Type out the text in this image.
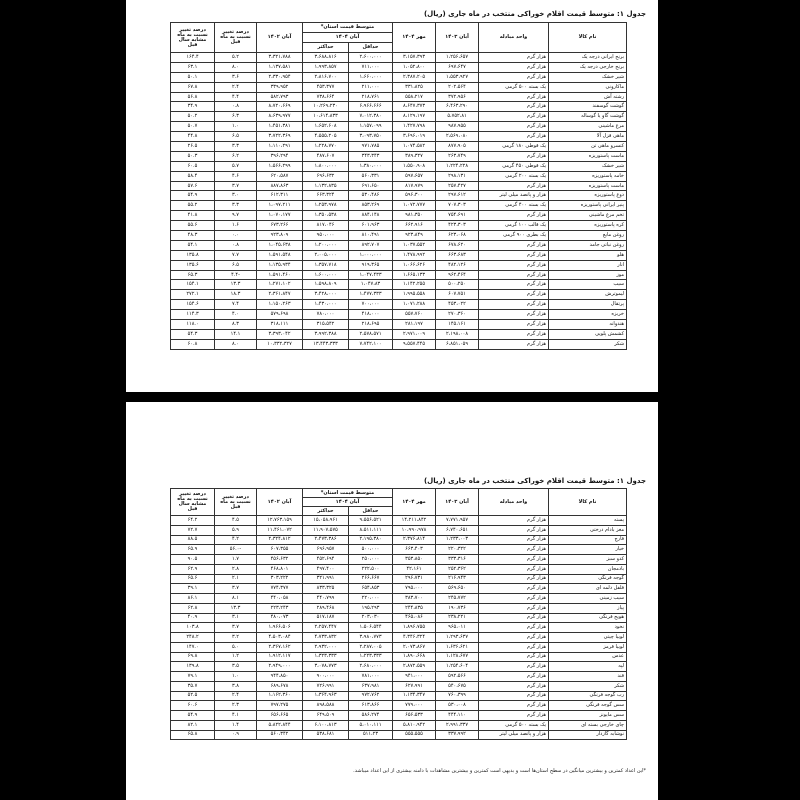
جدول ۱: متوسط قیمت اقلام خوراکی منتخب در ماه جاری (ریال)
نام کالا	واحد مبادله	آبان ۱۴۰۳	مهر ۱۴۰۴	متوسط قیمت استان*		آبان ۱۴۰۲	درصد تغییر نسبت به ماه قبل	درصد تغییر نسبت به ماه مشابه سال قبل
				آبان ۱۴۰۴				
				حداقل	حداکثر			
برنج ایرانی درجه یک	هزار گرم	۱،۲۵۶،۶۵۷	۳،۱۵۷،۳۹۳	۲،۶۰۰،۰۰۰	۳،۶۸۸،۸۱۶	۳،۳۲۱،۷۸۸	۵.۲	۱۶۴.۴
برنج خارجی درجه یک	هزار گرم	۶۹۷،۶۴۷	۱،۰۵۲،۸۰۰	۷۱۱،۰۰۰	۱،۹۹۳،۸۵۷	۱،۱۳۷،۵۸۱	۸.۰	۶۳.۱
شیر خشک	هزار گرم	۱،۵۵۳،۹۲۷	۲،۳۸۷،۲۰۵	۱،۶۶۰،۰۰۰	۲،۸۱۶،۷۰۰	۲،۳۳۰،۹۵۴	۳.۶	۵۰.۱
ماکارونی	یک بسته ۵۰۰ گرمی	۲۰۲،۵۶۴	۳۳۱،۸۲۵	۲۱۱،۰۰۰	۴۵۳،۳۷۷	۳۳۹،۹۵۲	۲.۴	۶۷.۸
رشته آش	هزار گرم	۳۷۲،۹۵۶	۵۵۸،۲۱۷	۲۱۸،۷۶۱	۷۳۸،۶۶۴	۵۸۲،۷۹۳	۴.۴	۵۶.۸
گوشت گوسفند	هزار گرم	۶،۴۶۳،۲۹۰	۸،۶۴۷،۳۷۳	۶،۹۶۶،۶۶۶	۱۰،۲۶۹،۲۳۰	۸،۷۲۰،۶۶۹	۰.۸	۳۴.۹
گوشت گاو یا گوساله	هزار گرم	۵،۷۵۲،۸۱	۸،۱۲۹،۱۹۷	۷،۰۱۲،۳۸۰	۱۰،۶۱۴،۸۳۳	۸،۶۳۹،۹۷۷	۶.۳	۵۰.۲
مرغ ماشینی	هزار گرم	۹۸۷،۹۵۵	۱،۴۲۷،۷۹۸	۱،۱۵۷،۰۹۹	۱،۶۵۲،۶۰۸	۱،۴۵۱،۳۸۱	۱.۰	۵۰.۷
ماهی قزل آلا	هزار گرم	۲،۵۶۹،۰۸۰	۳،۶۹۶،۰۱۹	۳،۰۹۳،۷۵۰	۴،۵۵۵،۲۰۵	۳،۷۲۲،۳۶۹	۶.۵	۴۴.۸
کنسرو ماهی تن	یک قوطی ۱۸۰ گرمی	۸۷۷،۹۰۵	۱،۰۷۴،۵۸۲	۹۷۱،۷۸۵	۱،۲۲۸،۷۷۰	۱،۱۱۰،۲۹۱	۳.۳	۲۶.۵
ماست پاستوریزه	هزار گرم	۲۶۳،۷۴۹	۳۸۹،۳۲۷	۳۴۳،۳۴۳	۴۸۷،۶۰۷	۳۹۶،۲۹۴	۶.۲	۵۰.۳
شیر خشک	یک قوطی ۴۵۰ گرمی	۱،۲۲۴،۲۲۸	۱،۵۵۰،۹۰۸	۱،۳۸۰،۰۰۰	۱،۸۰۰،۰۰۰	۱،۵۶۶،۲۹۹	۵.۷	۶۰.۵
خامه پاستوریزه	یک بسته ۲۰۰ گرمی	۲۹۸،۱۳۱	۵۹۷،۶۵۷	۵۶۰،۳۳۱	۶۹۶،۶۳۲	۶۲۰،۵۸۷	۴.۶	۵۸.۴
ماست پاستوریزه	هزار گرم	۲۵۷،۴۲۷	۸۱۷،۹۷۹	۶۹۱،۶۵۰	۱،۱۳۲،۸۳۵	۸۸۷،۸۶۳	۳.۷	۵۷.۶
دوغ پاستوریزه	هزار و پانصد میلی لیتر	۲۹۷،۶۱۲	۵۹۶،۳۰۰	۵۳۰،۴۸۶	۶۶۳،۳۲۴	۶۱۲،۳۱۱	۳.۰	۵۴.۹
پنیر ایرانی پاستوریزه	یک بسته ۴۰۰ گرمی	۷۰۷،۳۰۳	۱،۰۷۲،۷۷۷	۸۵۳،۲۶۹	۱،۲۵۳،۹۷۸	۱،۰۹۷،۲۱۱	۳.۳	۵۵.۲
تخم مرغ ماشینی	هزار گرم	۷۵۴،۶۹۱	۹۸۱،۳۵۰	۸۸۴،۱۴۸	۱،۳۵۰،۵۳۸	۱،۰۷۰،۱۷۷	۹.۷	۴۱.۸
کره پاستوریزه	یک قالب ۱۰۰ گرمی	۴۲۳،۳۰۳	۶۶۲،۹۱۶	۶۰۱،۹۶۳	۸۱۷،۰۴۶	۶۷۳،۲۶۶	۱.۶	۵۵.۶
روغن مایع	یک بطری ۹۰۰ گرمی	۶۲۳،۰۶۸	۹۲۳،۸۴۹	۸۱۰،۴۹۱	۹۵۰،۰۰۰	۹۲۳،۸۰۹	۰.۰	۴۸.۳
روغن نباتی جامد	هزار گرم	۶۷۸،۶۲۰	۱،۰۳۷،۵۵۲	۸۹۲،۷۰۷	۱،۲۰۰،۰۰۰	۱،۰۴۵،۶۳۸	۰.۸	۵۴.۱
هلو	هزار گرم	۶۶۳،۶۸۳	۱،۴۷۸،۹۹۲	۱،۰۰۰،۰۰۰	۲،۰۰۵،۰۰۰	۱،۵۹۱،۵۴۸	۷.۷	۱۳۵.۸
انار	هزار گرم	۴۸۲،۱۲۶	۱،۰۶۶،۶۲۶	۹۱۹،۳۶۵	۱،۳۵۷،۷۱۸	۱،۱۳۵،۹۳۴	۶.۵	۱۳۵.۶
موز	هزار گرم	۹۶۲،۴۶۴	۱،۶۶۵،۱۳۳	۱،۰۴۷،۴۳۳	۱،۶۰۰،۰۰۰	۱،۵۹۱،۴۶۰	۴.۴-	۶۵.۳
سیب	هزار گرم	۵۰۰،۲۵۰	۱،۱۴۲،۲۵۵	۱،۰۴۷،۸۳	۱،۵۹۸،۸۰۹	۱،۲۷۱،۱۰۲	۱۳.۳	۱۵۴.۱
لیموترش	هزار گرم	۶۰۷،۷۵۱	۱،۹۹۵،۵۵۸	۱،۴۷۷،۳۳۳	۳،۴۲۸،۰۰۰	۲،۳۶۱،۸۴۷	۱۸.۳	۲۷۲.۱
پرتقال	هزار گرم	۴۵۳،۰۲۲	۱،۰۷۱،۲۸۸	۷۰۰،۰۰۰	۱،۴۳۰،۰۰۰	۱،۱۵۰،۲۶۳	۷.۴	۱۵۴.۶
خربزه	هزار گرم	۲۷۰،۳۶۰	۵۵۷،۷۶۰	۴۱۸،۰۰۰	۷۸۰،۰۰۰	۵۷۹،۶۹۸	۴.۰	۱۱۴.۳
هندوانه	هزار گرم	۱۴۵،۱۶۱	۲۸۱،۱۹۷	۲۱۸،۶۹۵	۳۱۵،۵۴۲	۳۱۸،۱۱۱	۸.۳	۱۱۸.۰
کشمش پلویی	هزار گرم	۲،۱۹۸،۰۰۸	۲،۹۷۱،۰۰۹	۲،۵۷۸،۵۷۱	۳،۹۹۲،۳۸۸	۳،۳۹۳،۰۴۲	۱۴.۱	۵۴.۳
شکر	هزار گرم	۶،۸۵۱،۰۵۹	۹،۵۵۷،۴۴۵	۷،۷۴۲،۱۰۰	۱۳،۴۴۳،۳۳۳	۱۰،۳۳۲،۳۲۷	۸.۰	۶۰.۸
جدول ۱: متوسط قیمت اقلام خوراکی منتخب در ماه جاری (ریال)
نام کالا	واحد مبادله	آبان ۱۴۰۳	مهر ۱۴۰۴	متوسط قیمت استان*		آبان ۱۴۰۲	درصد تغییر نسبت به ماه قبل	درصد تغییر نسبت به ماه مشابه سال قبل
				آبان ۱۴۰۴				
				حداقل	حداکثر			
پسته	هزار گرم	۷،۷۷۱،۹۵۷	۱۴،۲۱۱،۸۴۲	۹،۵۵۶،۵۲۱	۱۵،۰۵۸،۹۶۱	۱۲،۷۶۳،۱۵۹	۴.۵	۶۴.۲
مغز بادام درختی	هزار گرم	۶،۷۴۰،۶۵۱	۱۰،۹۹۰،۹۷۸	۸،۵۱۱،۱۱۱	۱۱،۹۰۷،۵۷۵	۱۱،۴۶۱،۰۷۲	۵.۹	۷۲.۷
فارچ	هزار گرم	۱،۲۳۳،۰۰۳	۲،۳۷۶،۸۱۴	۲،۱۹۵،۳۸۰	۲،۴۷۳،۳۸۶	۲،۳۲۴،۸۱۲	۴.۲	۸۸.۵
خیار	هزار گرم	۲۲۰،۳۲۲	۶۶۳،۴۰۳	۵۰۰،۰۰۰	۶۹۶،۹۵۷	۶۰۷،۳۵۵	۵۶.۰-	۶۵.۹
کدو سبز	هزار گرم	۳۳۳،۳۱۶	۳۵۳،۸۵۰	۲۵۰،۰۰۰	۴۵۲،۶۹۴	۴۵۶،۶۳۲	۱.۷	۹۰.۵
بادمجان	هزار گرم	۲۵۲،۳۶۲	۴۲،۱۶۱	۲۲۲،۵۰۰	۴۹۷،۴۰۰	۴۶۸،۸۰۱	۲.۸	۶۲.۹
گوجه فرنگی	هزار گرم	۲۱۶،۹۴۳	۲۹۶،۷۳۱	۲۶۶،۶۶۷	۳۲۱،۹۹۱	۳۰۳،۲۲۲	۲.۱	۶۵.۶
فلفل دلمه ای	هزار گرم	۵۶۹،۶۵۰	۷۹۵،۰۰۰	۶۵۴،۸۵۳	۸۳۳،۳۲۵	۷۷۴،۳۷۷	۳.۷	۳۹.۱
سیب زمینی	هزار گرم	۲۴۵،۷۷۲	۳۸۳،۷۰۰	۲۲۰،۰۰۰	۴۴۰،۷۹۹	۴۴۰،۰۵۸	۸.۱	۸۶.۱
پیاز	هزار گرم	۱۹۰،۷۳۶	۲۴۴،۸۳۵	۱۹۵،۲۹۳	۲۸۹،۴۶۸	۲۲۳،۲۴۳	۱۳.۳	۶۲.۸
هویج فرنگی	هزار گرم	۲۳۸،۲۲۱	۴۶۵،۰۸۶	۲۰۳،۰۳۰	۵۱۷،۱۸۷	۴۸۰،۰۷۳	۳.۱	۴۰.۹
نخود	هزار گرم	۹۶۵،۰۱۱	۱،۸۹۶،۷۵۵	۱،۵۰۶،۵۴۴	۲،۲۵۷،۴۴۷	۱،۹۶۶،۵۰۶	۳.۷	۱۰۳.۸
لوبیا چیتی	هزار گرم	۱،۲۹۳،۶۳۷	۴،۳۴۶،۳۲۴	۳،۹۸۰،۷۷۳	۴،۷۳۳،۸۳۲	۴،۵۰۳،۰۸۴	۳.۲	۲۴۸.۲
لوبیا قرمز	هزار گرم	۱،۶۳۶،۶۲۱	۲،۰۷۳،۸۶۷	۲،۲۸۷،۰۰۵	۲،۹۳۲،۰۰۰	۲،۳۶۷،۱۶۲	۵.۰	۱۴۷.۰
عدس	هزار گرم	۱،۱۲۸،۶۷۷	۱،۸۹۰،۶۶۸	۱،۲۲۳،۳۳۳	۱،۳۲۳،۳۳۳	۱،۹۱۲،۱۱۷	۱.۲	۶۹.۸
لپه	هزار گرم	۱،۲۵۴،۶۰۴	۲،۸۷۲،۵۵۹	۲،۶۸۰،۰۰۰	۳،۰۷۸،۷۷۳	۲،۹۴۹،۰۰۰	۳.۵	۱۳۹.۸
قند	هزار گرم	۵۹۲،۵۶۶	۹۴۱،۰۰۰	۷۸۱،۰۰۰	۹۰۰،۰۰۰	۹۴۴،۸۵۰	۱.۰	۷۹.۱
شکر	هزار گرم	۵۴۰،۶۷۵	۶۲۷،۹۹۱	۶۳۷،۹۸۱	۷۲۶،۹۹۱	۶۸۹،۶۷۸	۳.۸	۳۵.۷
رب گوجه فرنگی	هزار گرم	۷۶۰،۳۹۹	۱،۱۳۴،۳۴۷	۹۷۲،۷۶۲	۱،۳۶۴،۹۶۳	۱،۱۶۲،۳۶۰	۲.۴	۵۲.۵
سس گوجه فرنگی	هزار گرم	۵۳۰،۰۰۸	۷۷۹،۰۰۰	۶۱۳،۸۶۶	۸۹۸،۵۸۸	۷۹۷،۲۷۵	۲.۳	۶۰.۶
سس مایونز	هزار گرم	۴۴۴،۱۱۰	۶۵۶،۵۳۳	۵۸۶،۲۷۴	۶۴۹،۵۰۹	۶۵۶،۶۶۵	۴.۱	۵۴.۹
چای خارجی بسته ای	یک بسته ۵۰۰ گرمی	۲،۹۹۱،۳۳۷	۵،۸۱۰،۹۴۲	۵،۰۱۰،۱۱۱	۶،۱۰۰،۸۱۳	۵،۸۲۲،۸۴۴	۱.۴	۸۲.۱
نوشابه گازدار	هزار و پانصد میلی لیتر	۳۳۷،۹۹۲	۵۵۵،۵۵۵	۵۱۱،۲۳	۵۳۸،۶۸۱	۵۶۰،۳۴۲	۰.۹	۶۵.۸
*این اعداد کمترین و بیشترین میانگین در سطح استان‌ها است و بدیهی است کمترین و بیشترین مشاهدات با دامنه بیشتری از این اعداد میباشد.
